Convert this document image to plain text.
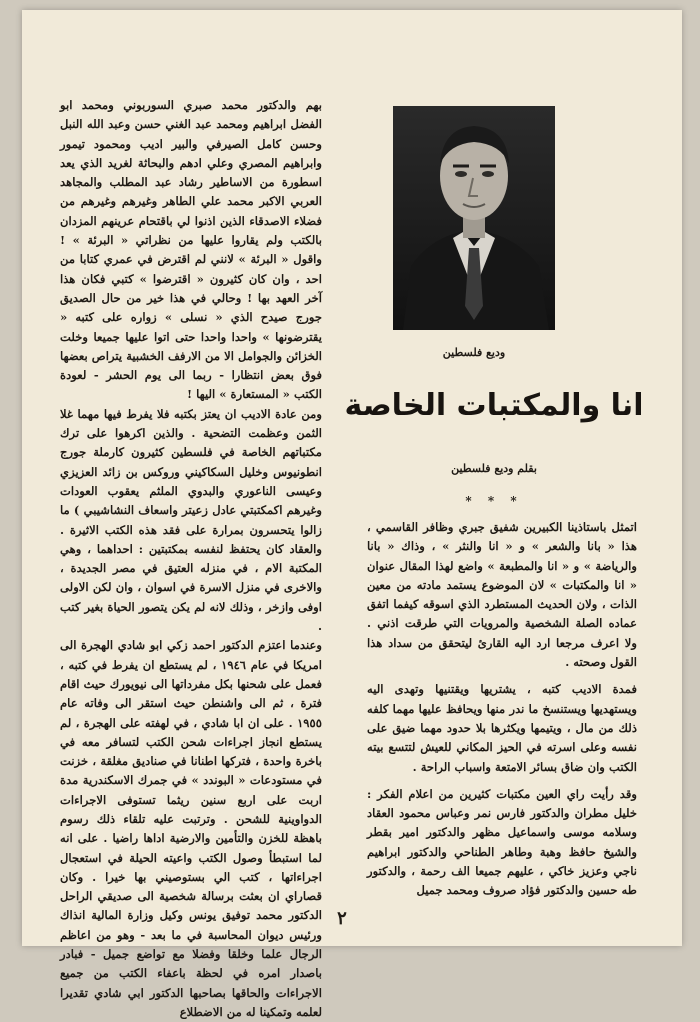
بهم والدكتور محمد صبري السوربوني ومحمد ابو الفضل ابراهيم ومحمد عبد الغني حسن وعبد الله النبل وحسن كامل الصيرفي والبير اديب ومحمود تيمور وابراهيم المصري وعلي ادهم والبحاثة لغريد الذي يعد اسطورة من الاساطير رشاد عبد المطلب والمجاهد العربي الاكبر محمد علي الطاهر وغيرهم وغيرهم من فضلاء الاصدقاء الذين اذنوا لي باقتحام عرينهم المزدان بالكتب ولم يقاروا عليها من نظراتي « البرئة » ! واقول « البرئة » لانني لم اقترض في عمري كتابا من احد ، وان كان كثيرون « اقترضوا » كتبي فكان هذا آخر العهد بها ! وحالي في هذا خير من حال الصديق جورج صيدح الذي « نسلى » زواره على كتبه « يقترضونها » واحدا واحدا حتى اتوا عليها جميعا وخلت الخزائن والجوامل الا من الارفف الخشبية يتراص بعضها فوق بعض انتظارا - ربما الى يوم الحشر - لعودة الكتب « المستعارة » اليها !

ومن عادة الاديب ان يعتز بكتبه فلا يفرط فيها مهما غلا الثمن وعظمت التضحية . والذين اكرهوا على ترك مكتباتهم الخاصة في فلسطين كثيرون كارملة جورج انطونيوس وخليل السكاكيني وروكس بن زائد العزيزي وعيسى الناعوري والبدوي الملثم يعقوب العودات وغيرهم اكمكتبتي عادل زعيتر واسعاف النشاشيبي ) ما زالوا يتحسرون بمرارة على فقد هذه الكتب الاثيرة . والعقاد كان يحتفظ لنفسه بمكتبتين : احداهما ، وهي المكتبة الام ، في منزله العتيق في مصر الجديدة ، والاخرى في منزل الاسرة في اسوان ، وان لكن الاولى اوفى وازخر ، وذلك لانه لم يكن يتصور الحياة بغير كتب .

وعندما اعتزم الدكتور احمد زكي ابو شادي الهجرة الى امريكا في عام ١٩٤٦ ، لم يستطع ان يفرط في كتبه ، فعمل على شحنها بكل مفرداتها الى نيويورك حيث اقام فترة ، ثم الى واشنطن حيث استقر الى وفاته عام ١٩٥٥ . على ان ابا شادي ، في لهفته على الهجرة ، لم يستطع انجاز اجراءات شحن الكتب لتسافر معه في باخرة واحدة ، فتركها اطنانا في صناديق مغلقة ، خزنت في مستودعات « البوندد » في جمرك الاسكندرية مدة اربت على اربع سنين ريثما تستوفى الاجراءات الدواوينية للشحن . وترتبت عليه تلقاء ذلك رسوم باهظة للخزن والتأمين والارضية اداها راضيا . على انه لما استبطأ وصول الكتب واعيته الحيلة في استعجال اجراءاتها ، كتب الي بستوصيني بها خيرا . وكان قصاراي ان بعثت برسالة شخصية الى صديقي الراحل الدكتور محمد توفيق يونس وكيل وزارة المالية انذاك ورئيس ديوان المحاسبة في ما بعد - وهو من اعاظم الرجال علما وخلقا وفضلا مع تواضع جميل - فبادر باصدار امره في لحظة باعفاء الكتب من جميع الاجراءات والحاقها بصاحبها الدكتور ابي شادي تقديرا لعلمه وتمكينا له من الاضطلاع

وديع فلسطين
انا والمكتبات الخاصة
بقلم وديع فلسطين
* * *

اتمثل باستاذينا الكبيرين شفيق جبري وظافر القاسمي ، هذا « بانا والشعر » و « انا والنثر » ، وذاك « بانا والرياضة » و « انا والمطبعة » واضع لهذا المقال عنوان « انا والمكتبات » لان الموضوع يستمد مادته من معين الذات ، ولان الحديث المستطرد الذي اسوقه كيفما اتفق عماده الصلة الشخصية والمرويات التي طرقت اذني . ولا اعرف مرجعا ارد اليه القارئ ليتحقق من سداد هذا القول وصحته .

فمدة الاديب كتبه ، يشتريها ويقتنيها وتهدى اليه ويستهديها ويستنسخ ما ندر منها ويحافظ عليها مهما كلفه ذلك من مال ، ويتيمها ويكثرها بلا حدود مهما ضيق على نفسه وعلى اسرته في الحيز المكاني للعيش لتتسع بيته الكتب وان ضاق بسائر الامتعة واسباب الراحة .

وقد رأيت راي العين مكتبات كثيرين من اعلام الفكر : خليل مطران والدكتور فارس نمر وعباس محمود العقاد وسلامه موسى واسماعيل مظهر والدكتور امير بقطر والشيخ حافظ وهبة وطاهر الطناحي والدكتور ابراهيم ناجي وعزيز خاكي ، عليهم جميعا الف رحمة ، والدكتور طه حسين والدكتور فؤاد صروف ومحمد جميل

٢
